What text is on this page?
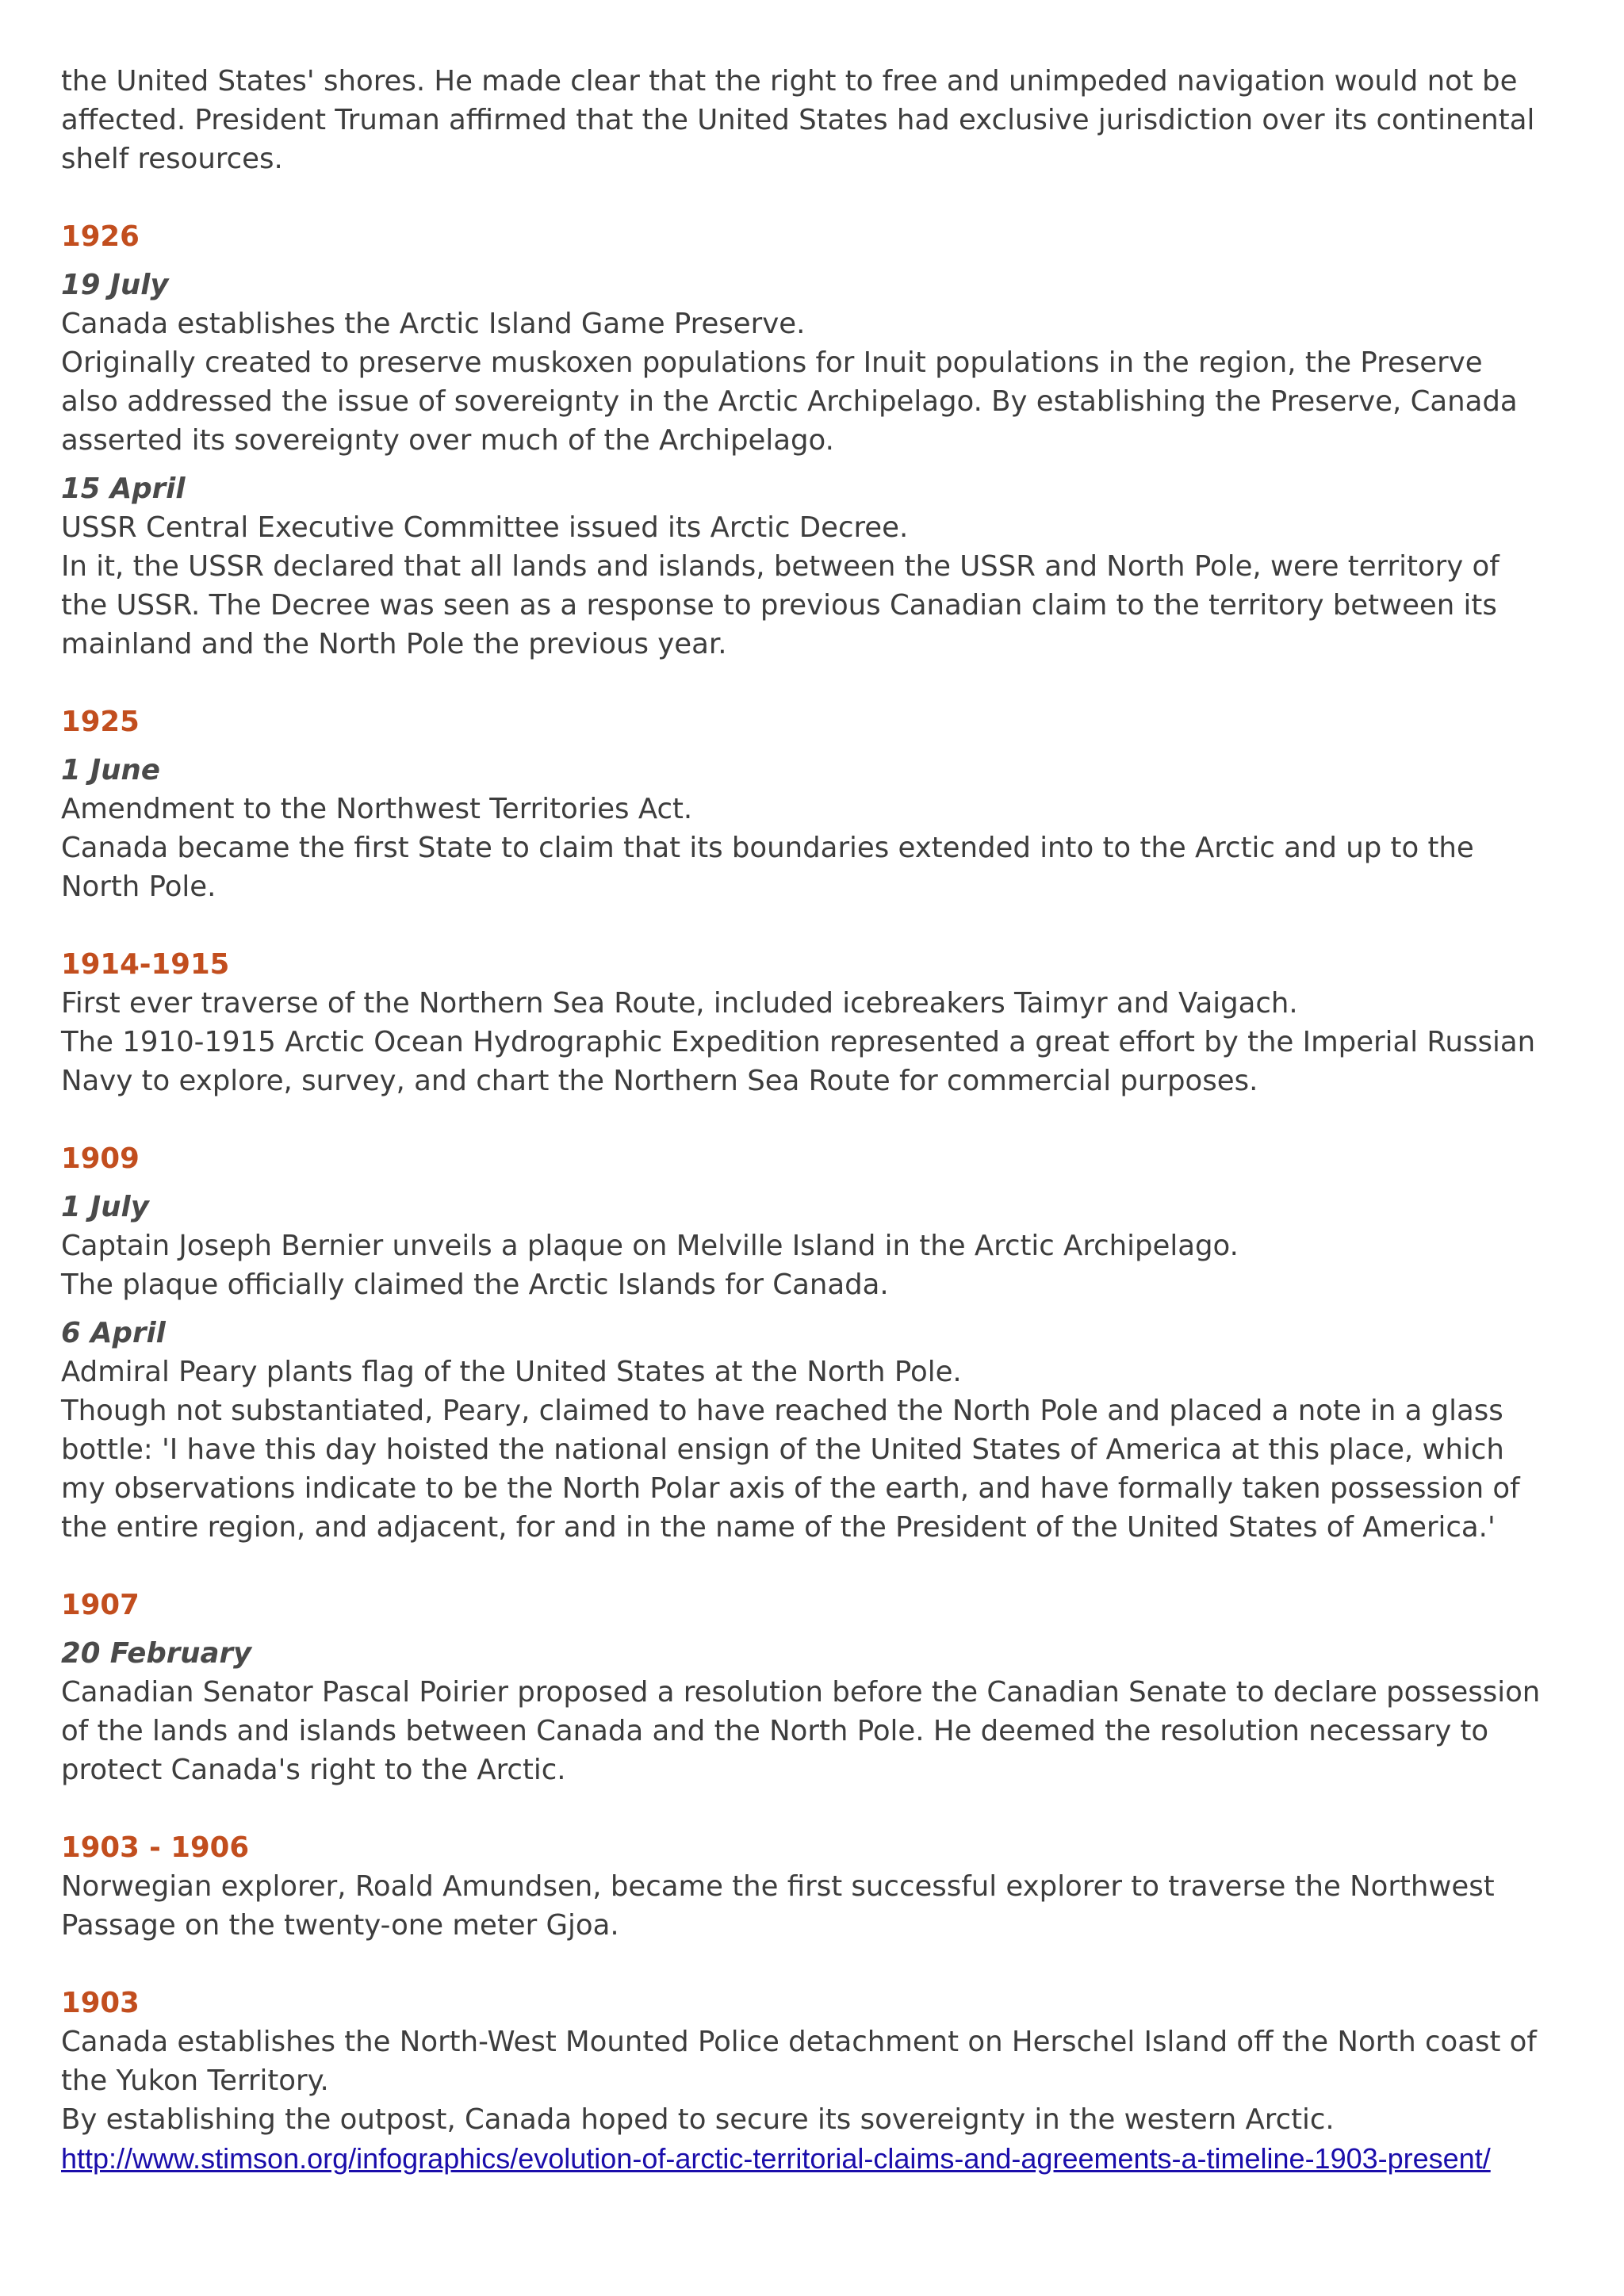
the United States' shores. He made clear that the right to free and unimpeded navigation would not be
affected. President Truman affirmed that the United States had exclusive jurisdiction over its continental
shelf resources.
1926
19 July
Canada establishes the Arctic Island Game Preserve.
Originally created to preserve muskoxen populations for Inuit populations in the region, the Preserve
also addressed the issue of sovereignty in the Arctic Archipelago. By establishing the Preserve, Canada
asserted its sovereignty over much of the Archipelago.
15 April
USSR Central Executive Committee issued its Arctic Decree.
In it, the USSR declared that all lands and islands, between the USSR and North Pole, were territory of
the USSR. The Decree was seen as a response to previous Canadian claim to the territory between its
mainland and the North Pole the previous year.
1925
1 June
Amendment to the Northwest Territories Act.
Canada became the first State to claim that its boundaries extended into to the Arctic and up to the
North Pole.
1914-1915
First ever traverse of the Northern Sea Route, included icebreakers Taimyr and Vaigach.
The 1910-1915 Arctic Ocean Hydrographic Expedition represented a great effort by the Imperial Russian
Navy to explore, survey, and chart the Northern Sea Route for commercial purposes.
1909
1 July
Captain Joseph Bernier unveils a plaque on Melville Island in the Arctic Archipelago.
The plaque officially claimed the Arctic Islands for Canada.
6 April
Admiral Peary plants flag of the United States at the North Pole.
Though not substantiated, Peary, claimed to have reached the North Pole and placed a note in a glass
bottle: 'I have this day hoisted the national ensign of the United States of America at this place, which
my observations indicate to be the North Polar axis of the earth, and have formally taken possession of
the entire region, and adjacent, for and in the name of the President of the United States of America.'
1907
20 February
Canadian Senator Pascal Poirier proposed a resolution before the Canadian Senate to declare possession
of the lands and islands between Canada and the North Pole. He deemed the resolution necessary to
protect Canada's right to the Arctic.
1903 - 1906
Norwegian explorer, Roald Amundsen, became the first successful explorer to traverse the Northwest
Passage on the twenty-one meter Gjoa.
1903
Canada establishes the North-West Mounted Police detachment on Herschel Island off the North coast of
the Yukon Territory.
By establishing the outpost, Canada hoped to secure its sovereignty in the western Arctic.
http://www.stimson.org/infographics/evolution-of-arctic-territorial-claims-and-agreements-a-timeline-1903-present/
